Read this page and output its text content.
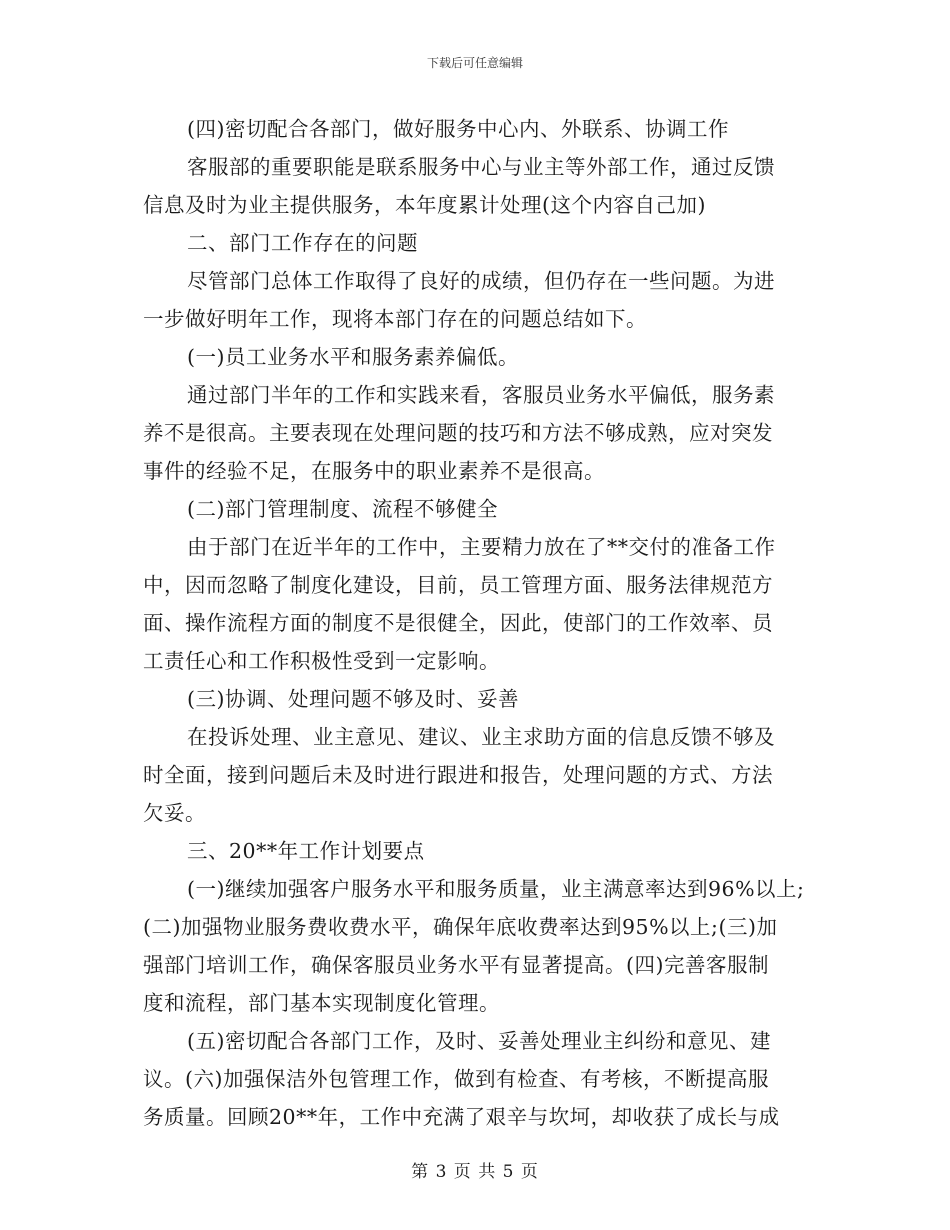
下载后可任意编辑
(四)密切配合各部门，做好服务中心内、外联系、协调工作
客服部的重要职能是联系服务中心与业主等外部工作，通过反馈
信息及时为业主提供服务，本年度累计处理(这个内容自己加)
二、部门工作存在的问题
尽管部门总体工作取得了良好的成绩，但仍存在一些问题。为进
一步做好明年工作，现将本部门存在的问题总结如下。
(一)员工业务水平和服务素养偏低。
通过部门半年的工作和实践来看，客服员业务水平偏低，服务素
养不是很高。主要表现在处理问题的技巧和方法不够成熟，应对突发
事件的经验不足，在服务中的职业素养不是很高。
(二)部门管理制度、流程不够健全
由于部门在近半年的工作中，主要精力放在了**交付的准备工作
中，因而忽略了制度化建设，目前，员工管理方面、服务法律规范方
面、操作流程方面的制度不是很健全，因此，使部门的工作效率、员
工责任心和工作积极性受到一定影响。
(三)协调、处理问题不够及时、妥善
在投诉处理、业主意见、建议、业主求助方面的信息反馈不够及
时全面，接到问题后未及时进行跟进和报告，处理问题的方式、方法
欠妥。
三、20**年工作计划要点
(一)继续加强客户服务水平和服务质量，业主满意率达到96%以上;
(二)加强物业服务费收费水平，确保年底收费率达到95%以上;(三)加
强部门培训工作，确保客服员业务水平有显著提高。(四)完善客服制
度和流程，部门基本实现制度化管理。
(五)密切配合各部门工作，及时、妥善处理业主纠纷和意见、建
议。(六)加强保洁外包管理工作，做到有检查、有考核，不断提高服
务质量。回顾20**年，工作中充满了艰辛与坎坷，却收获了成长与成
第 3 页 共 5 页
